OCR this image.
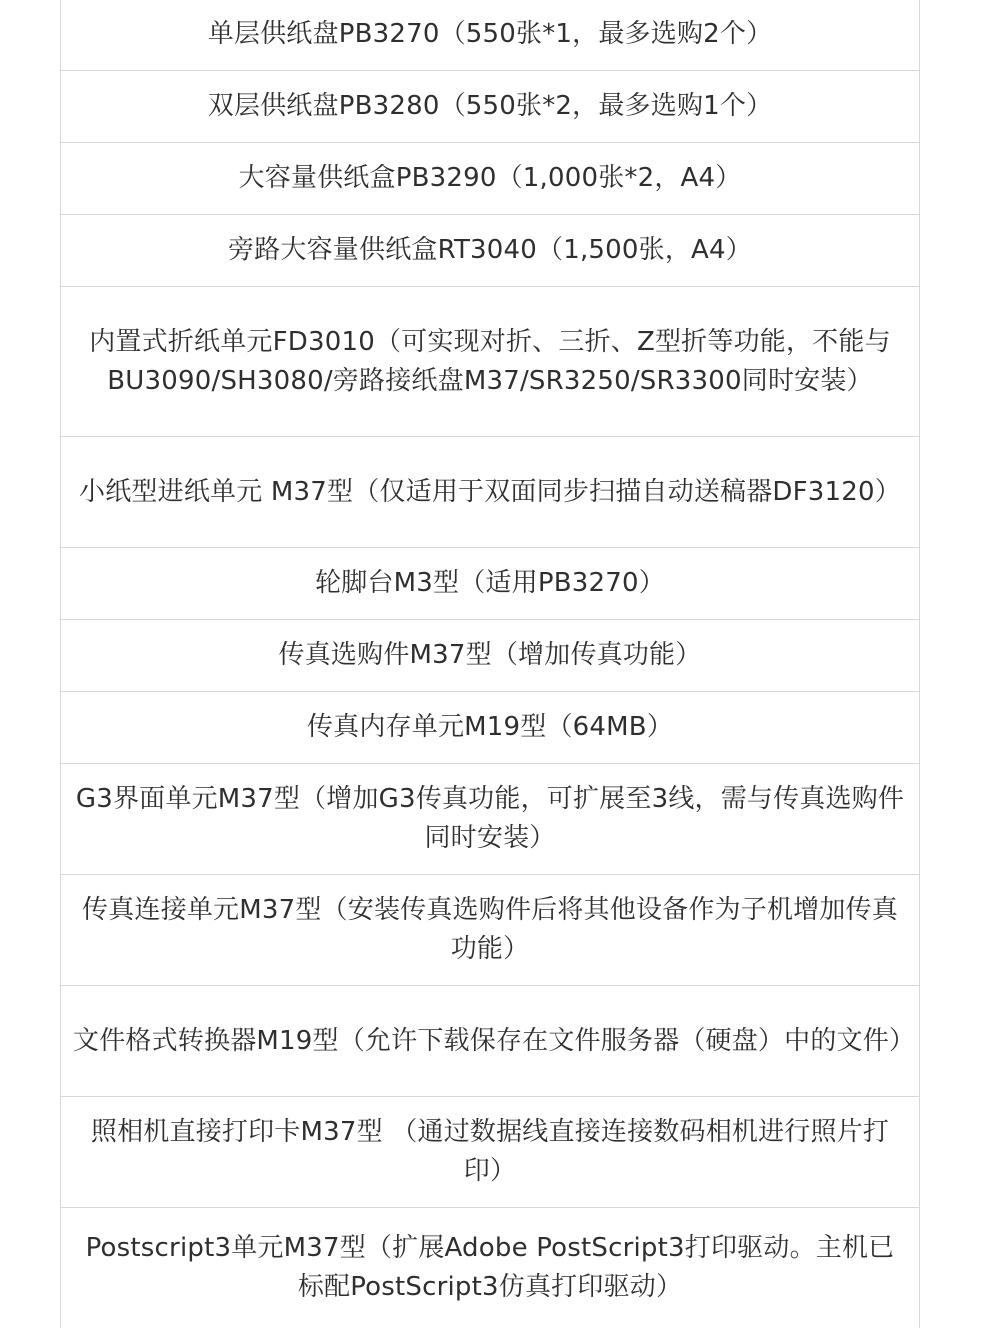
单层供纸盘PB3270（550张*1，最多选购2个）
双层供纸盘PB3280（550张*2，最多选购1个）
大容量供纸盒PB3290（1,000张*2，A4）
旁路大容量供纸盒RT3040（1,500张，A4）
内置式折纸单元FD3010（可实现对折、三折、Z型折等功能，不能与BU3090/SH3080/旁路接纸盘M37/SR3250/SR3300同时安装）
小纸型进纸单元 M37型（仅适用于双面同步扫描自动送稿器DF3120）
轮脚台M3型（适用PB3270）
传真选购件M37型（增加传真功能）
传真内存单元M19型（64MB）
G3界面单元M37型（增加G3传真功能，可扩展至3线，需与传真选购件同时安装）
传真连接单元M37型（安装传真选购件后将其他设备作为子机增加传真功能）
文件格式转换器M19型（允许下载保存在文件服务器（硬盘）中的文件）
照相机直接打印卡M37型 （通过数据线直接连接数码相机进行照片打印）
Postscript3单元M37型（扩展Adobe PostScript3打印驱动。主机已标配PostScript3仿真打印驱动）
